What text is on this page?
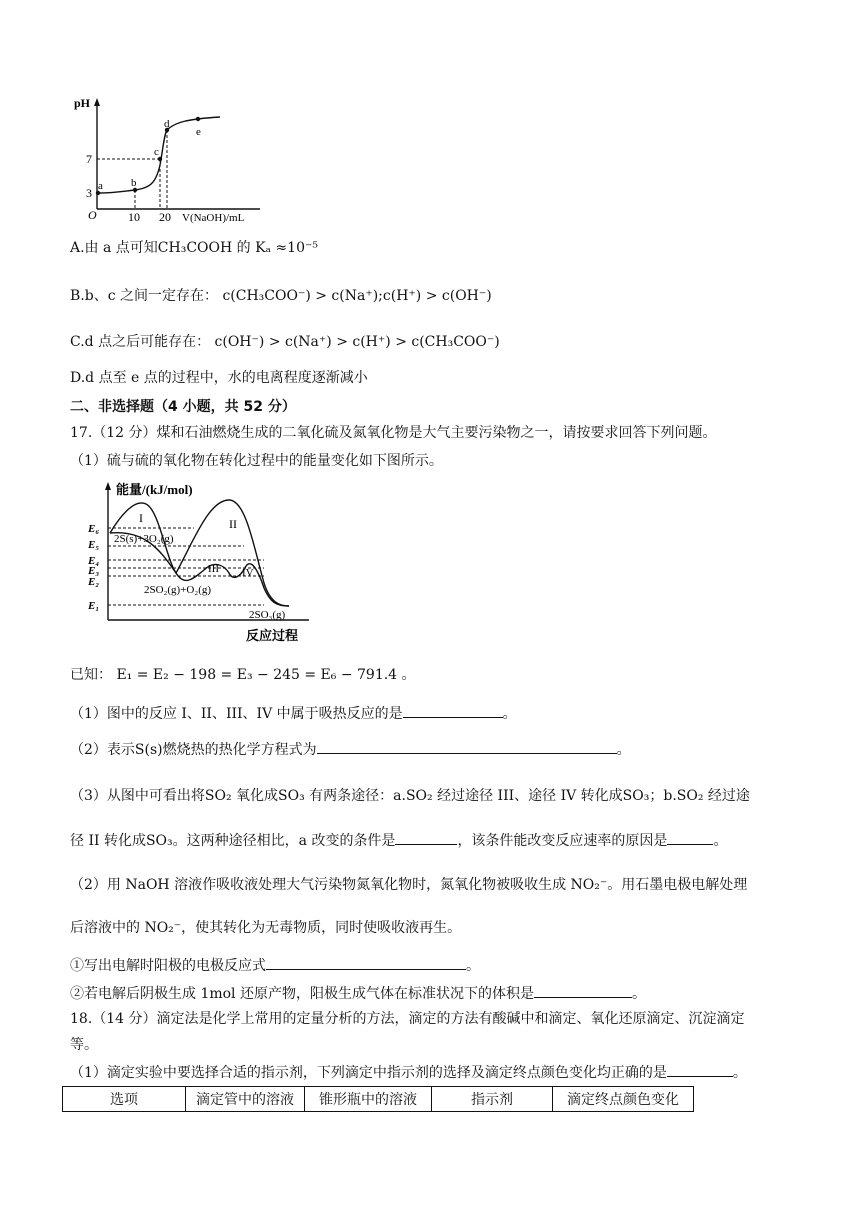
pH
7
3
O	10 20 V(NaOH)/mL
a	b
c
d
e
A.由 a 点可知CH₃COOH 的 Kₐ ≈10⁻⁵
B.b、c 之间一定存在： c(CH₃COO⁻) > c(Na⁺);c(H⁺) > c(OH⁻)
C.d 点之后可能存在： c(OH⁻) > c(Na⁺) > c(H⁺) > c(CH₃COO⁻)
D.d 点至 e 点的过程中，水的电离程度逐渐减小
二、非选择题（4 小题，共 52 分）
17.（12 分）煤和石油燃烧生成的二氧化硫及氮氧化物是大气主要污染物之一，请按要求回答下列问题。
（1）硫与硫的氧化物在转化过程中的能量变化如下图所示。
能量/(kJ/mol)
E₆
E₅
E₄
E₃
E₂
E₁
I	II
III IV
2S(s)+3O₂(g)
2SO₂(g)+O₂(g)
2SO₃(g)
反应过程
已知： E₁ = E₂ − 198 = E₃ − 245 = E₆ − 791.4 。
（1）图中的反应 I、II、III、IV 中属于吸热反应的是	。
（2）表示S(s)燃烧热的热化学方程式为	。
（3）从图中可看出将SO₂ 氧化成SO₃ 有两条途径：a.SO₂ 经过途径 III、途径 IV 转化成SO₃；b.SO₂ 经过途
径 II 转化成SO₃。这两种途径相比，a 改变的条件是	，该条件能改变反应速率的原因是	。
（2）用 NaOH 溶液作吸收液处理大气污染物氮氧化物时，氮氧化物被吸收生成 NO₂⁻。用石墨电极电解处理
后溶液中的 NO₂⁻，使其转化为无毒物质，同时使吸收液再生。
①写出电解时阳极的电极反应式	。
②若电解后阴极生成 1mol 还原产物，阳极生成气体在标准状况下的体积是	。
18.（14 分）滴定法是化学上常用的定量分析的方法，滴定的方法有酸碱中和滴定、氧化还原滴定、沉淀滴定
等。
（1）滴定实验中要选择合适的指示剂，下列滴定中指示剂的选择及滴定终点颜色变化均正确的是	。
选项	滴定管中的溶液	锥形瓶中的溶液	指示剂	滴定终点颜色变化
